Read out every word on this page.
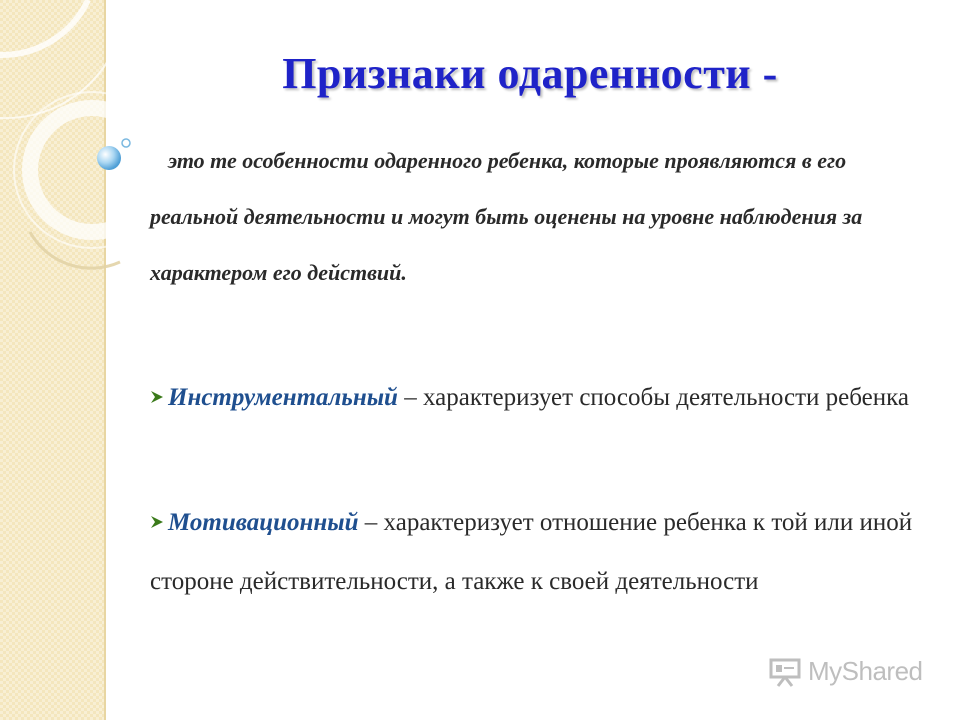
Признаки одаренности -
это те особенности одаренного ребенка, которые проявляются в его реальной деятельности и могут быть оценены на уровне наблюдения за характером его действий.
Инструментальный – характеризует способы деятельности ребенка
Мотивационный – характеризует отношение ребенка к той или иной стороне действительности, а также к своей деятельности
MyShared
